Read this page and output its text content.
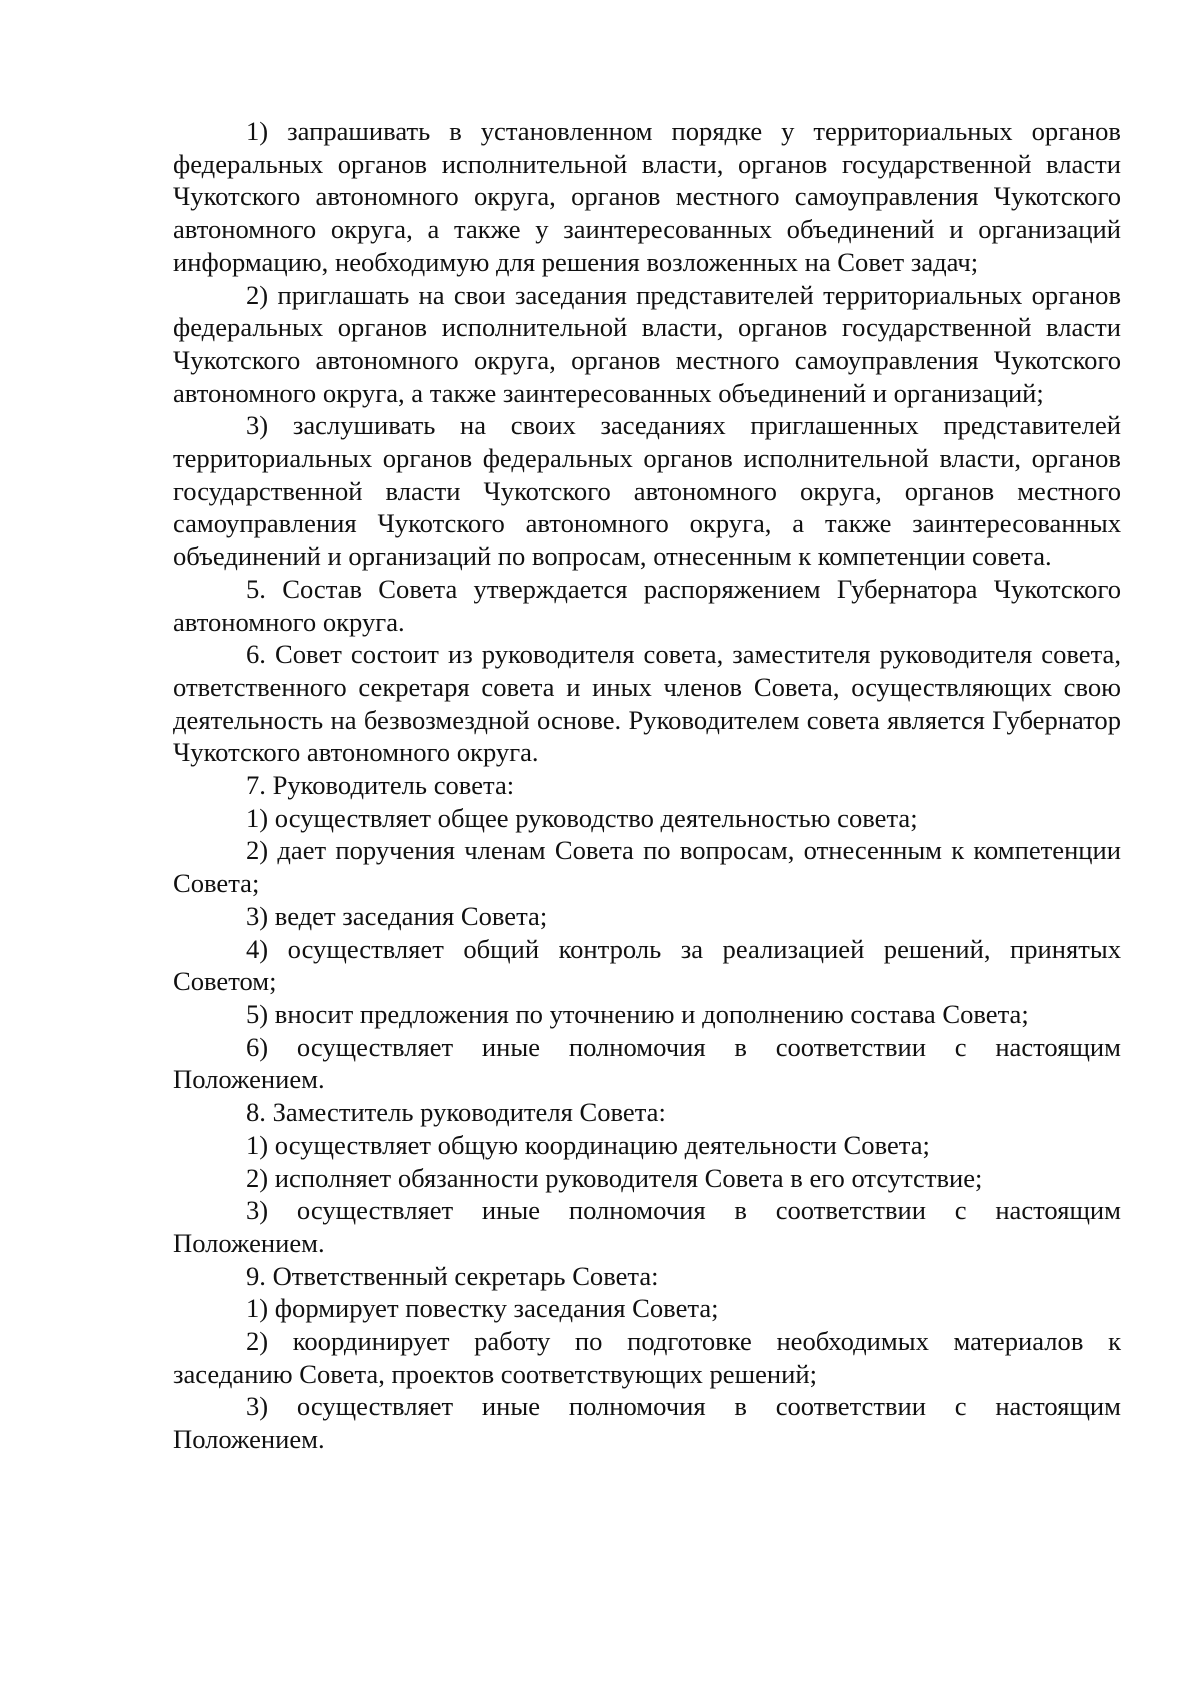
1) запрашивать в установленном порядке у территориальных органов федеральных органов исполнительной власти, органов государственной власти Чукотского автономного округа, органов местного самоуправления Чукотского автономного округа, а также у заинтересованных объединений и организаций информацию, необходимую для решения возложенных на Совет задач;

2) приглашать на свои заседания представителей территориальных органов федеральных органов исполнительной власти, органов государственной власти Чукотского автономного округа, органов местного самоуправления Чукотского автономного округа, а также заинтересованных объединений и организаций;

3) заслушивать на своих заседаниях приглашенных представителей территориальных органов федеральных органов исполнительной власти, органов государственной власти Чукотского автономного округа, органов местного самоуправления Чукотского автономного округа, а также заинтересованных объединений и организаций по вопросам, отнесенным к компетенции совета.

5. Состав Совета утверждается распоряжением Губернатора Чукотского автономного округа.

6. Совет состоит из руководителя совета, заместителя руководителя совета, ответственного секретаря совета и иных членов Совета, осуществляющих свою деятельность на безвозмездной основе. Руководителем совета является Губернатор Чукотского автономного округа.

7. Руководитель совета:

1) осуществляет общее руководство деятельностью совета;

2) дает поручения членам Совета по вопросам, отнесенным к компетенции Совета;

3) ведет заседания Совета;

4) осуществляет общий контроль за реализацией решений, принятых Советом;

5) вносит предложения по уточнению и дополнению состава Совета;

6) осуществляет иные полномочия в соответствии с настоящим Положением.

8. Заместитель руководителя Совета:

1) осуществляет общую координацию деятельности Совета;

2) исполняет обязанности руководителя Совета в его отсутствие;

3) осуществляет иные полномочия в соответствии с настоящим Положением.

9. Ответственный секретарь Совета:

1) формирует повестку заседания Совета;

2) координирует работу по подготовке необходимых материалов к заседанию Совета, проектов соответствующих решений;

3) осуществляет иные полномочия в соответствии с настоящим Положением.
